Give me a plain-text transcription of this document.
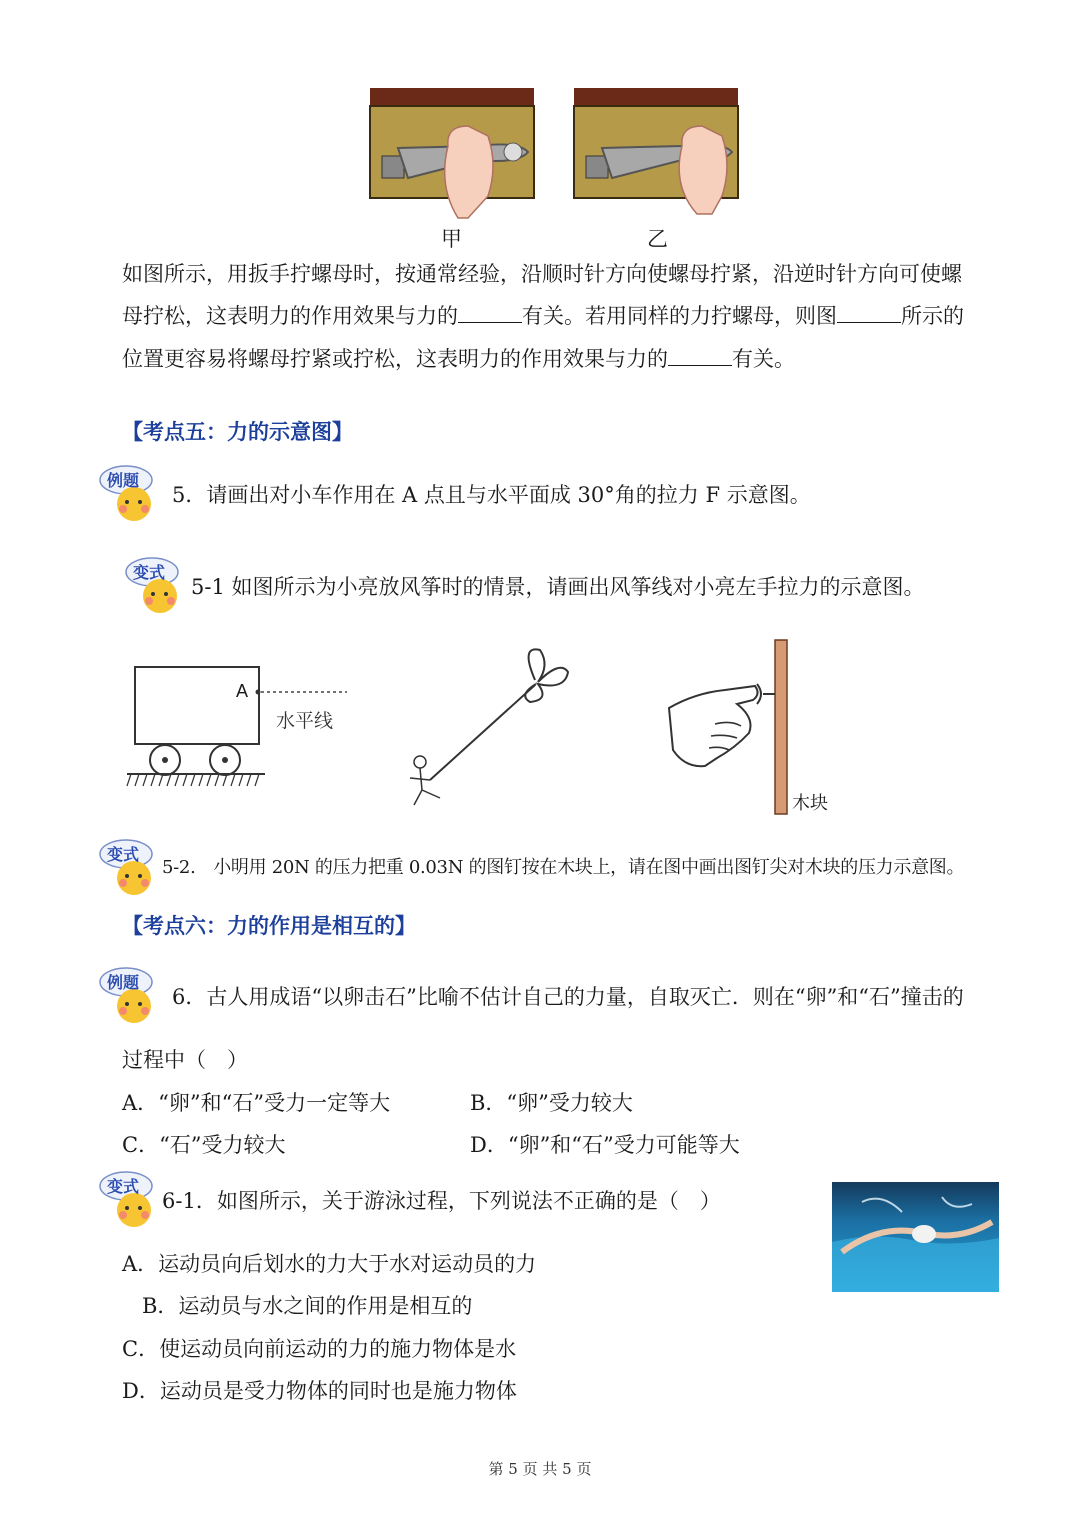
甲	乙
如图所示，用扳手拧螺母时，按通常经验，沿顺时针方向使螺母拧紧，沿逆时针方向可使螺
母拧松，这表明力的作用效果与力的	有关。若用同样的力拧螺母，则图	所示的
位置更容易将螺母拧紧或拧松，这表明力的作用效果与力的	有关。
【考点五：力的示意图】
例题
5．请画出对小车作用在 A 点且与水平面成 30°角的拉力 F 示意图。
变式
5-1 如图所示为小亮放风筝时的情景，请画出风筝线对小亮左手拉力的示意图。
A
水平线
木块
变式
5-2.　小明用 20N 的压力把重 0.03N 的图钉按在木块上，请在图中画出图钉尖对木块的压力示意图。
【考点六：力的作用是相互的】
例题
6．古人用成语“以卵击石”比喻不估计自己的力量，自取灭亡．则在“卵”和“石”撞击的
过程中（　）
A．“卵”和“石”受力一定等大	B．“卵”受力较大
C．“石”受力较大	D．“卵”和“石”受力可能等大
变式
6-1．如图所示，关于游泳过程，下列说法不正确的是（　）
A．运动员向后划水的力大于水对运动员的力
B．运动员与水之间的作用是相互的
C．使运动员向前运动的力的施力物体是水
D．运动员是受力物体的同时也是施力物体
第 5 页 共 5 页
